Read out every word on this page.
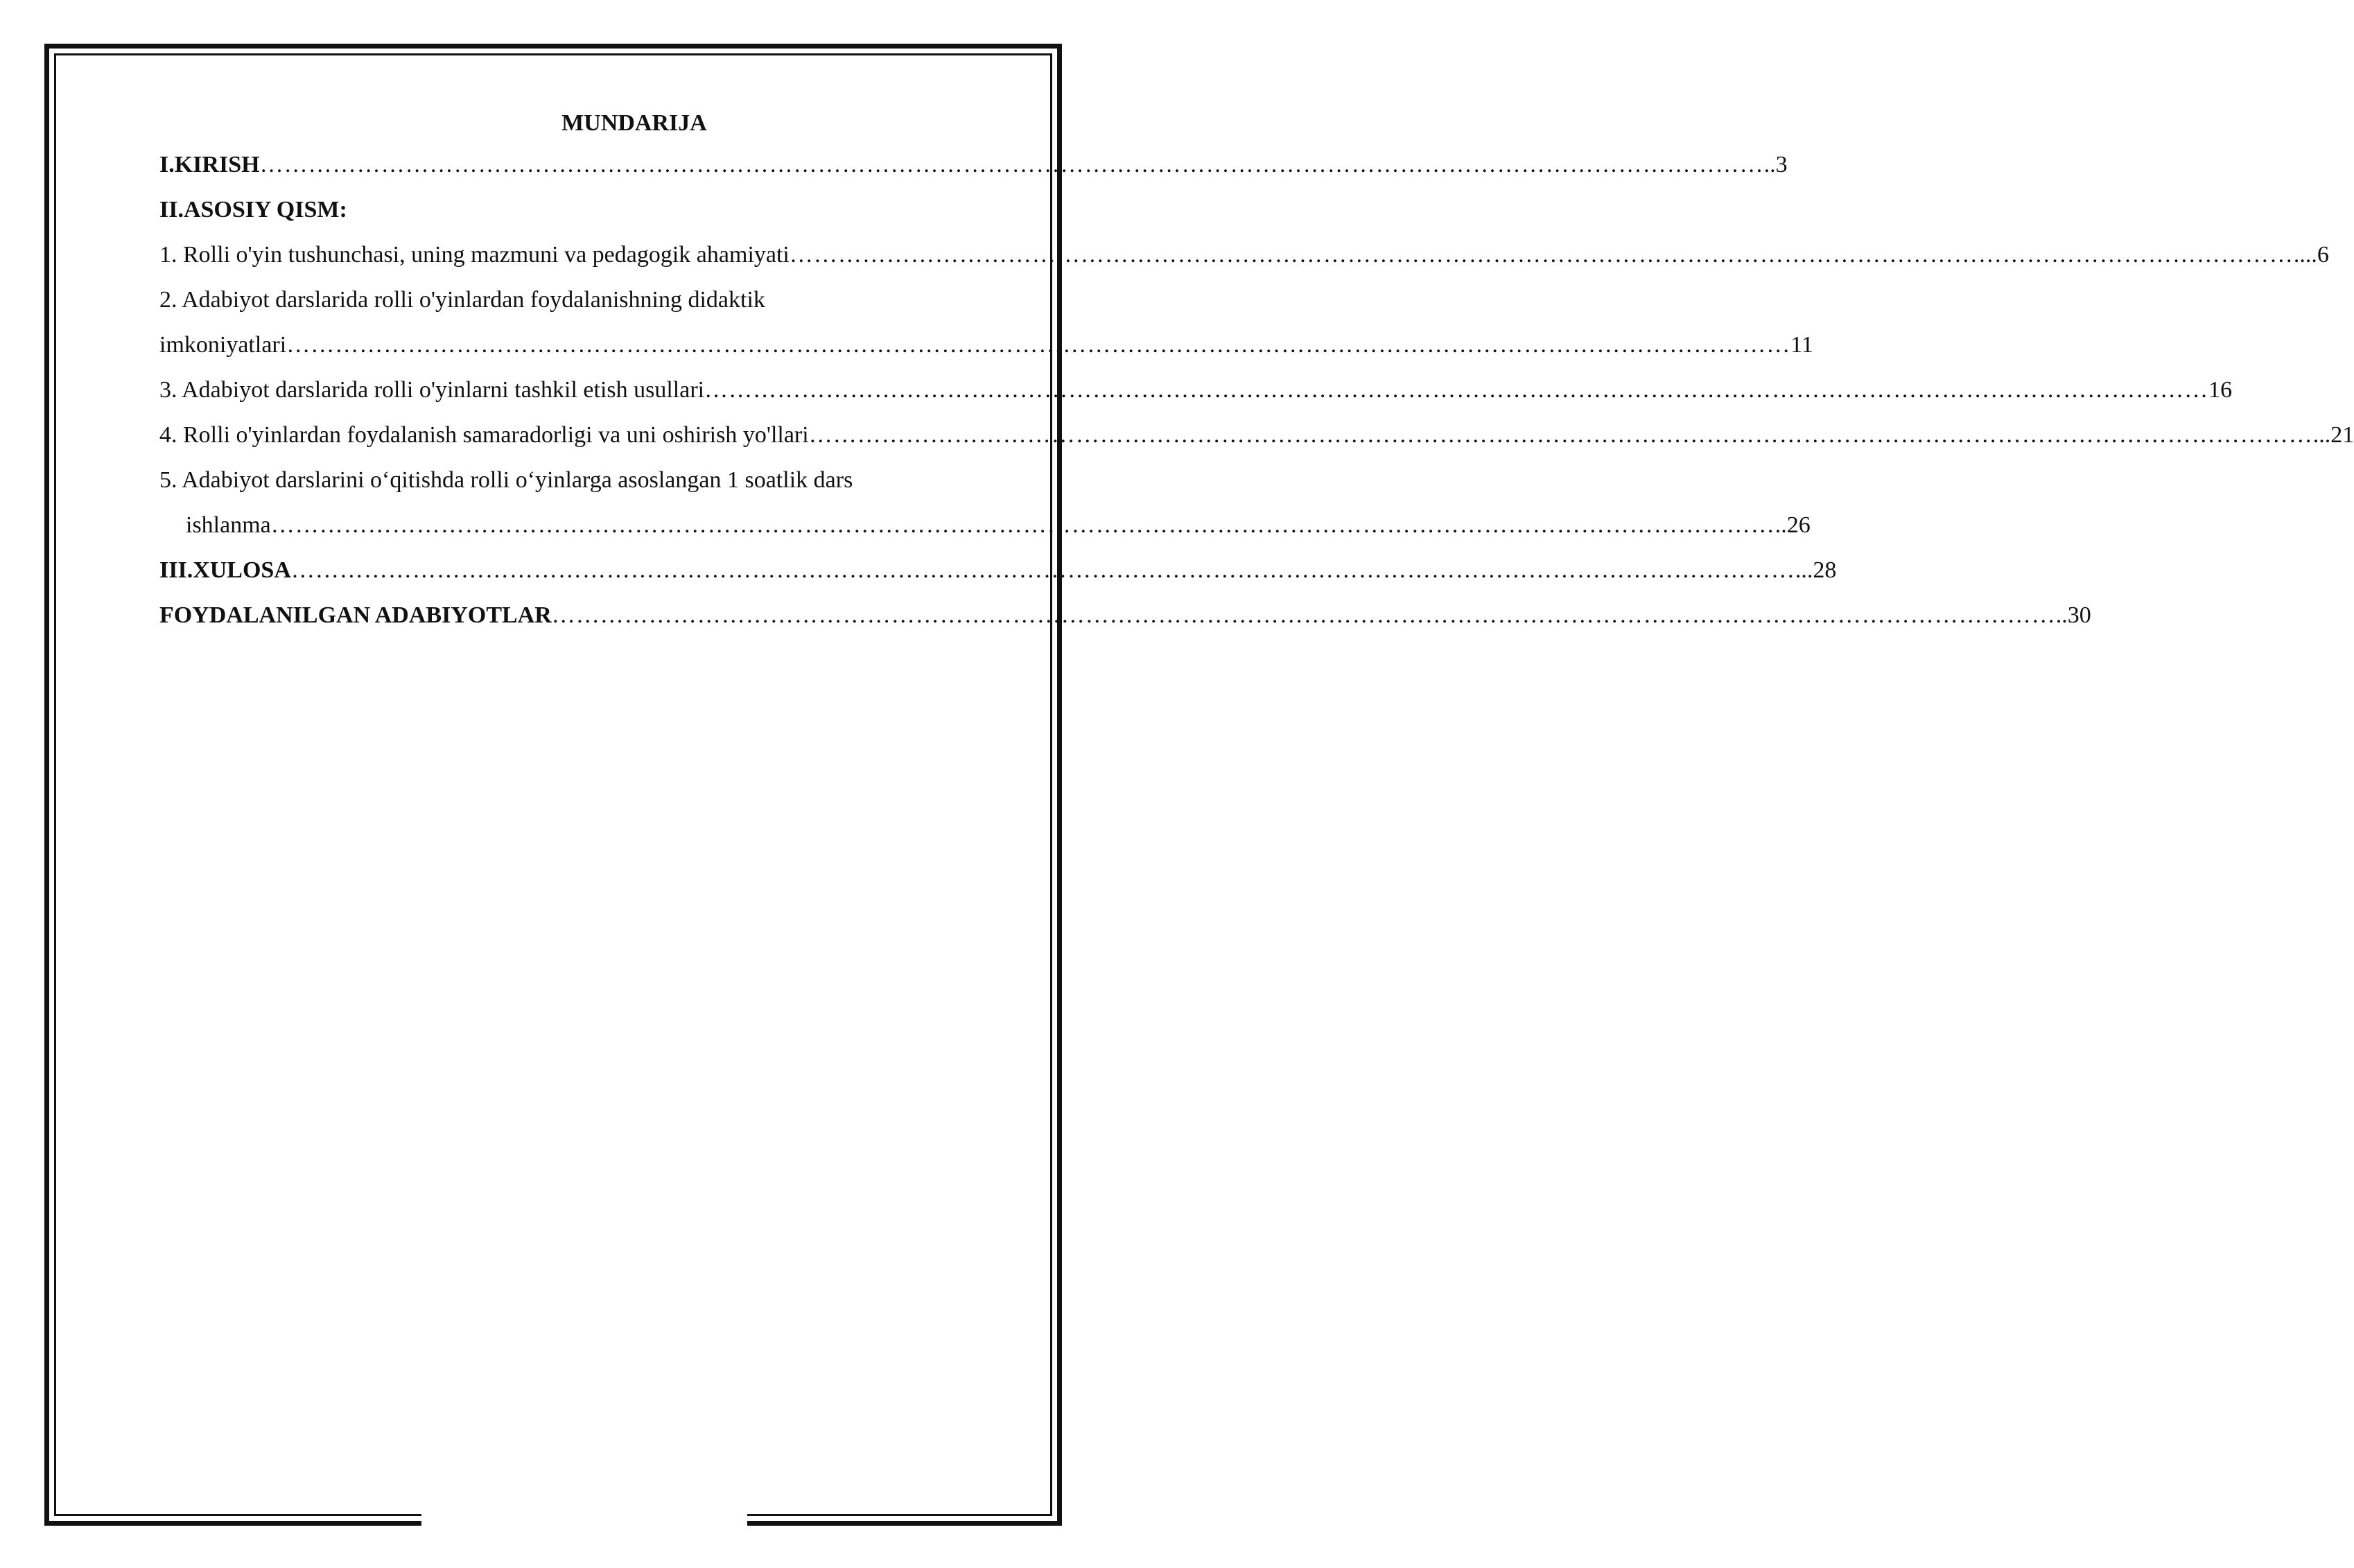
MUNDARIJA
I.KIRISH …………………………………………………………………………………………………………………………………………………………………… ..3
II.ASOSIY QISM:
1. Rolli o'yin tushunchasi, uning mazmuni va pedagogik ahamiyati …………………………………………………………………………………………………………………………………………………………………… ....6
2. Adabiyot darslarida rolli o'yinlardan foydalanishning didaktik
imkoniyatlari …………………………………………………………………………………………………………………………………………………………………… 11
3. Adabiyot darslarida rolli o'yinlarni tashkil etish usullari …………………………………………………………………………………………………………………………………………………………………… 16
4. Rolli o'yinlardan foydalanish samaradorligi va uni oshirish yo'llari …………………………………………………………………………………………………………………………………………………………………… ...21
5. Adabiyot darslarini o‘qitishda rolli o‘yinlarga asoslangan 1 soatlik dars
ishlanma …………………………………………………………………………………………………………………………………………………………………… ..26
III.XULOSA …………………………………………………………………………………………………………………………………………………………………… ...28
FOYDALANILGAN ADABIYOTLAR …………………………………………………………………………………………………………………………………………………………………… ..30
